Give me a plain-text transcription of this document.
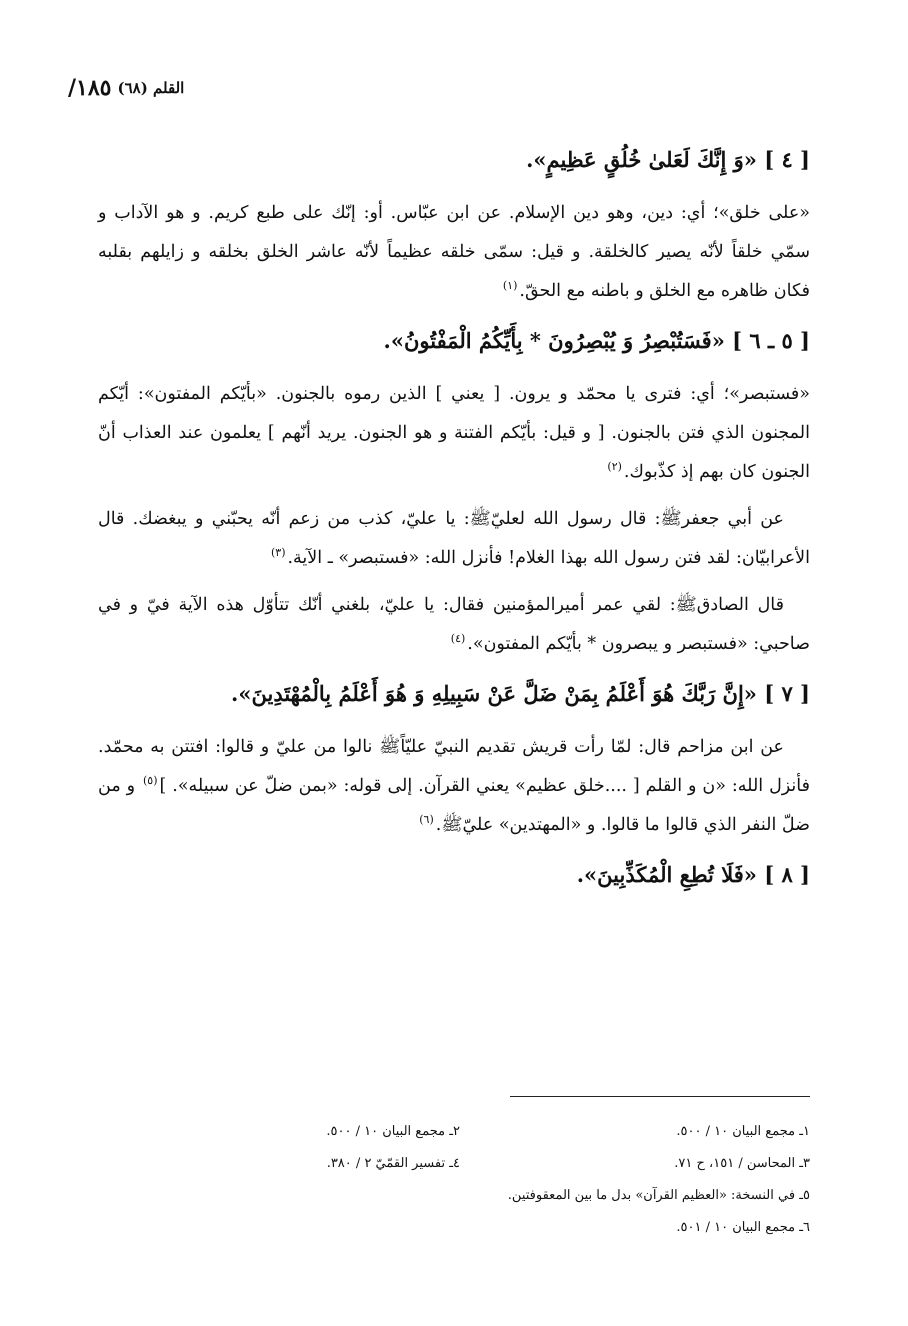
القلم (٦٨)
١٨٥/
[ ٤ ] «وَ إِنَّكَ لَعَلىٰ خُلُقٍ عَظِيمٍ».

«على خلق»؛ أي: دين، وهو دين الإسلام. عن ابن عبّاس. أو: إنّك على طبع كريم. و هو الآداب و سمّي خلقاً لأنّه يصير كالخلقة. و قيل: سمّى خلقه عظيماً لأنّه عاشر الخلق بخلقه و زايلهم بقلبه فكان ظاهره مع الخلق و باطنه مع الحقّ.$^{(١)}$

[ ٥ ـ ٦ ] «فَسَتُبْصِرُ وَ يُبْصِرُونَ * بِأَيِّكُمُ الْمَفْتُونُ».

«فستبصر»؛ أي: فترى يا محمّد و يرون. [ يعني ] الذين رموه بالجنون. «بأيّكم المفتون»: أيّكم المجنون الذي فتن بالجنون. [ و قيل: بأيّكم الفتنة و هو الجنون. يريد أنّهم ] يعلمون عند العذاب أنّ الجنون كان بهم إذ كذّبوك.$^{(٢)}$

عن أبي جعفرﷺ: قال رسول الله لعليّﷺ: يا عليّ، كذب من زعم أنّه يحبّني و يبغضك. قال الأعرابيّان: لقد فتن رسول الله بهذا الغلام! فأنزل الله: «فستبصر» ـ الآية.$^{(٣)}$

قال الصادقﷺ: لقي عمر أميرالمؤمنين فقال: يا عليّ، بلغني أنّك تتأوّل هذه الآية فيّ و في صاحبي: «فستبصر و يبصرون * بأيّكم المفتون».$^{(٤)}$

[ ٧ ] «إِنَّ رَبَّكَ هُوَ أَعْلَمُ بِمَنْ ضَلَّ عَنْ سَبِيلِهِ وَ هُوَ أَعْلَمُ بِالْمُهْتَدِينَ».

عن ابن مزاحم قال: لمّا رأت قريش تقديم النبيّ عليّاًﷺ نالوا من عليّ و قالوا: افتتن به محمّد. فأنزل الله: «ن و القلم [ ....خلق عظيم» يعني القرآن. إلى قوله: «بمن ضلّ عن سبيله». ]$^{(٥)}$ و من ضلّ النفر الذي قالوا ما قالوا. و «المهتدين» عليّﷺ.$^{(٦)}$

[ ٨ ] «فَلَا تُطِعِ الْمُكَذِّبِينَ».
١ـ مجمع البيان ١٠ / ٥٠٠.
٢ـ مجمع البيان ١٠ / ٥٠٠.
٣ـ المحاسن / ١٥١، ح ٧١.
٤ـ تفسير القمّيّ ٢ / ٣٨٠.
٥ـ في النسخة: «العظيم القرآن» بدل ما بين المعقوفتين.
٦ـ مجمع البيان ١٠ / ٥٠١.
